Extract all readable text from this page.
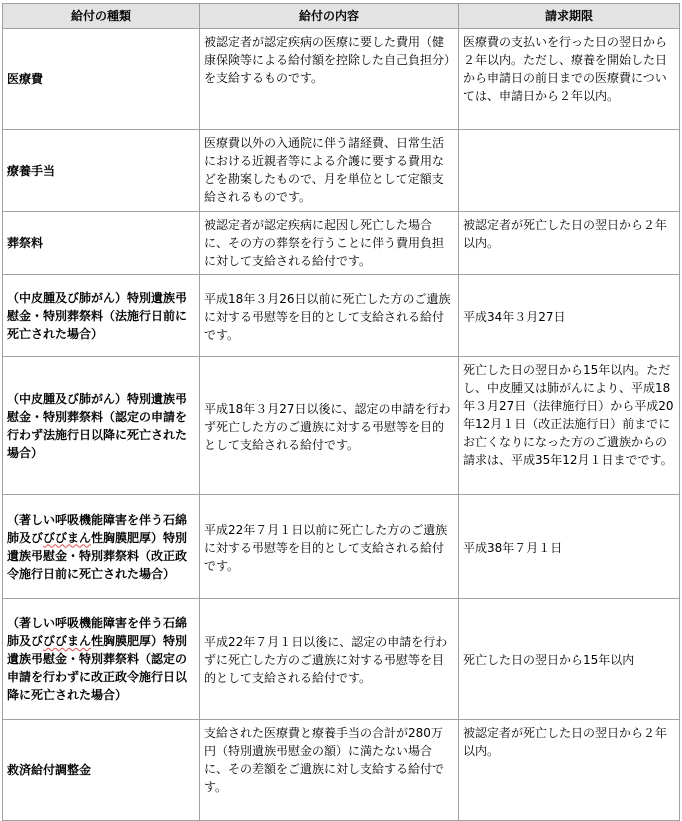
給付の種類	給付の内容	請求期限
医療費	被認定者が認定疾病の医療に要した費用（健康保険等による給付額を控除した自己負担分）を支給するものです。	医療費の支払いを行った日の翌日から２年以内。ただし、療養を開始した日から申請日の前日までの医療費については、申請日から２年以内。
療養手当	医療費以外の入通院に伴う諸経費、日常生活における近親者等による介護に要する費用などを勘案したもので、月を単位として定額支給されるものです。	
葬祭料	被認定者が認定疾病に起因し死亡した場合に、その方の葬祭を行うことに伴う費用負担に対して支給される給付です。	被認定者が死亡した日の翌日から２年以内。
（中皮腫及び肺がん）特別遺族弔慰金・特別葬祭料（法施行日前に死亡された場合）	平成18年３月26日以前に死亡した方のご遺族に対する弔慰等を目的として支給される給付です。	平成34年３月27日
（中皮腫及び肺がん）特別遺族弔慰金・特別葬祭料（認定の申請を行わず法施行日以降に死亡された場合）	平成18年３月27日以後に、認定の申請を行わず死亡した方のご遺族に対する弔慰等を目的として支給される給付です。	死亡した日の翌日から15年以内。ただし、中皮腫又は肺がんにより、平成18年３月27日（法律施行日）から平成20年12月１日（改正法施行日）前までにお亡くなりになった方のご遺族からの請求は、平成35年12月１日までです。
（著しい呼吸機能障害を伴う石綿肺及びびびまん性胸膜肥厚）特別遺族弔慰金・特別葬祭料（改正政令施行日前に死亡された場合）	平成22年７月１日以前に死亡した方のご遺族に対する弔慰等を目的として支給される給付です。	平成38年７月１日
（著しい呼吸機能障害を伴う石綿肺及びびびまん性胸膜肥厚）特別遺族弔慰金・特別葬祭料（認定の申請を行わずに改正政令施行日以降に死亡された場合）	平成22年７月１日以後に、認定の申請を行わずに死亡した方のご遺族に対する弔慰等を目的として支給される給付です。	死亡した日の翌日から15年以内
救済給付調整金	支給された医療費と療養手当の合計が280万円（特別遺族弔慰金の額）に満たない場合に、その差額をご遺族に対し支給する給付です。	被認定者が死亡した日の翌日から２年以内。
